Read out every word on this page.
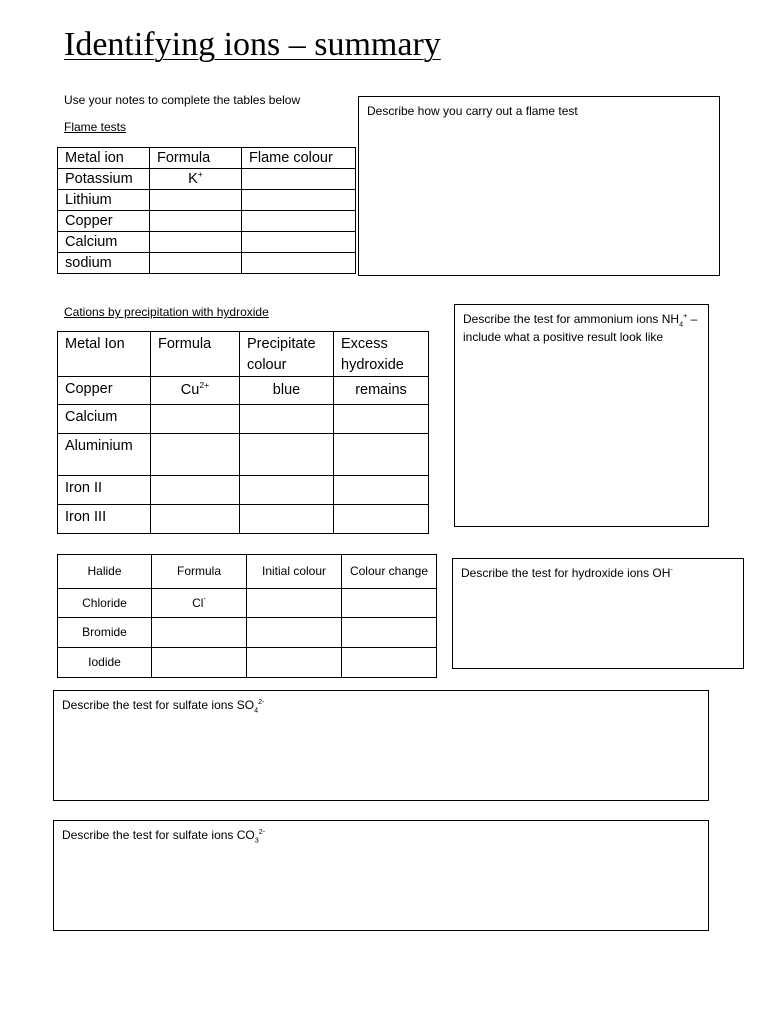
Identifying ions – summary
Use your notes to complete the tables below
Flame tests
Metal ion	Formula	Flame colour
Potassium	K+	
Lithium		
Copper		
Calcium		
sodium		
Describe how you carry out a flame test
Cations by precipitation with hydroxide
Metal Ion	Formula	Precipitate colour	Excess hydroxide
Copper	$Cu^{2+}$	blue	remains
Calcium			
Aluminium			
Iron II			
Iron III			
Describe the test for ammonium ions $NH_4^+$ – include what a positive result look like
Halide	Formula	Initial colour	Colour change
Chloride	Cl-		
Bromide			
Iodide			
Describe the test for hydroxide ions OH-
Describe the test for sulfate ions $SO_4^{2-}$
Describe the test for sulfate ions $CO_3^{2-}$
